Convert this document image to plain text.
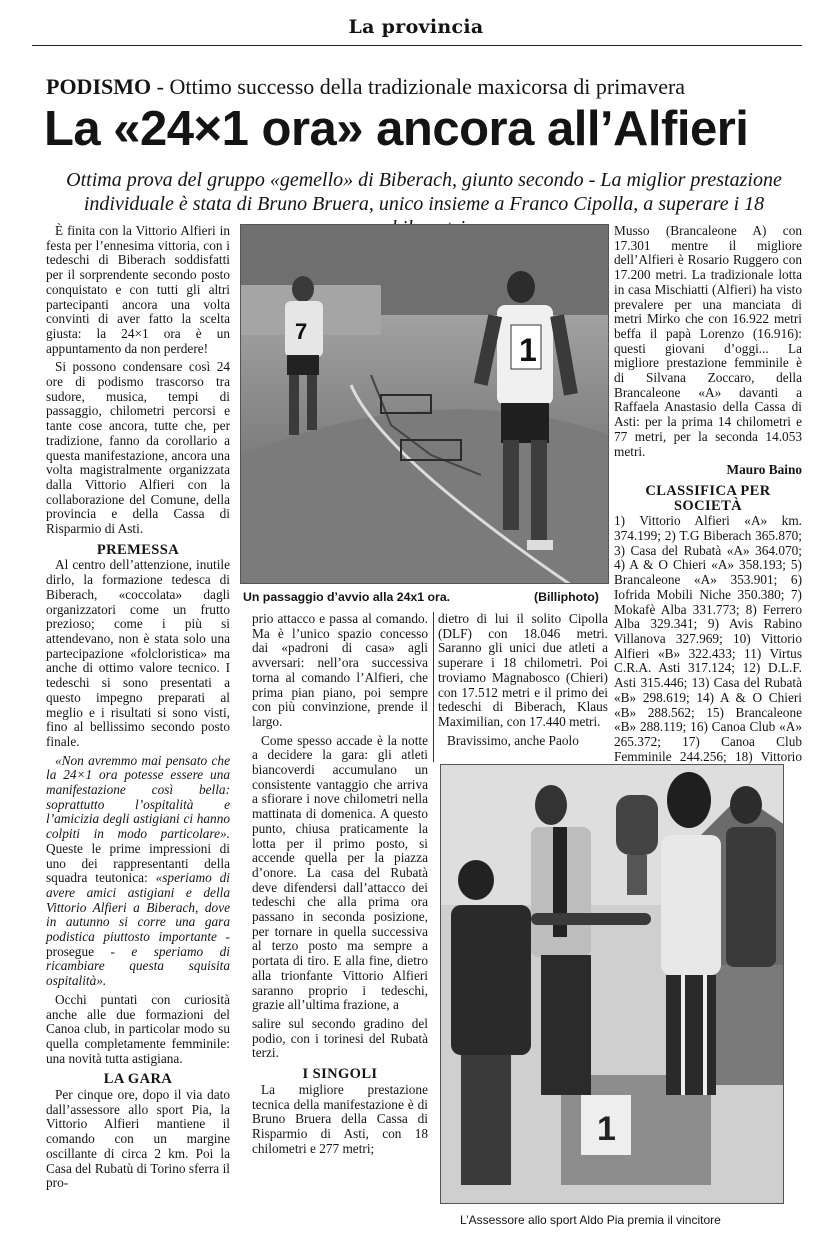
La provincia
PODISMO - Ottimo successo della tradizionale maxicorsa di primavera
La «24×1 ora» ancora all’Alfieri
Ottima prova del gruppo «gemello» di Biberach, giunto secondo - La miglior prestazione individuale è stata di Bruno Bruera, unico insieme a Franco Cipolla, a superare i 18

È finita con la Vittorio Alfieri in festa per l’ennesima vittoria, con i tedeschi di Biberach soddisfatti per il sorprendente secondo posto conquistato e con tutti gli altri partecipanti ancora una volta convinti di aver fatto la scelta giusta: la 24×1 ora è un appuntamento da non perdere!

Si possono condensare così 24 ore di podismo trascorso tra sudore, musica, tempi di passaggio, chilometri percorsi e tante cose ancora, tutte che, per tradizione, fanno da corollario a questa manifestazione, ancora una volta magistralmente organizzata dalla Vittorio Alfieri con la collaborazione del Comune, della provincia e della Cassa di Risparmio di Asti.

PREMESSA

Al centro dell’attenzione, inutile dirlo, la formazione tedesca di Biberach, «coccolata» dagli organizzatori come un frutto prezioso; come i più si attendevano, non è stata solo una partecipazione «folcloristica» ma anche di ottimo valore tecnico. I tedeschi si sono presentati a questo impegno preparati al meglio e i risultati si sono visti, fino al bellissimo secondo posto finale.

«Non avremmo mai pensato che la 24×1 ora potesse essere una manifestazione così bella: soprattutto l’ospitalità e l’amicizia degli astigiani ci hanno colpiti in modo particolare». Queste le prime impressioni di uno dei rappresentanti della squadra teutonica: «speriamo di avere amici astigiani e della Vittorio Alfieri a Biberach, dove in autunno si corre una gara podistica piuttosto importante - prosegue - e speriamo di ricambiare questa squisita ospitalità».

Occhi puntati con curiosità anche alle due formazioni del Canoa club, in particolar modo su quella completamente femminile: una novità tutta astigiana.

LA GARA

Per cinque ore, dopo il via dato dall’assessore allo sport Pia, la Vittorio Alfieri mantiene il comando con un margine oscillante di circa 2 km. Poi la Casa del Rubatù di Torino sferra il pro-

7
1
Un passaggio d’avvio alla 24x1 ora.	(Billiphoto)

prio attacco e passa al comando. Ma è l’unico spazio concesso dai «padroni di casa» agli avversari: nell’ora successiva torna al comando l’Alfieri, che prima pian piano, poi sempre con più convinzione, prende il largo.

Come spesso accade è la notte a decidere la gara: gli atleti biancoverdi accumulano un consistente vantaggio che arriva a sfiorare i nove chilometri nella mattinata di domenica. A questo punto, chiusa praticamente la lotta per il primo posto, si accende quella per la piazza d’onore. La casa del Rubatà deve difendersi dall’attacco dei tedeschi che alla prima ora passano in seconda posizione, per tornare in quella successiva al terzo posto ma sempre a portata di tiro. E alla fine, dietro alla trionfante Vittorio Alfieri saranno proprio i tedeschi, grazie all’ultima frazione, a

salire sul secondo gradino del podio, con i torinesi del Rubatà terzi.

I SINGOLI

La migliore prestazione tecnica della manifestazione è di Bruno Bruera della Cassa di Risparmio di Asti, con 18 chilometri e 277 metri;

dietro di lui il solito Cipolla (DLF) con 18.046 metri. Saranno gli unici due atleti a superare i 18 chilometri. Poi troviamo Magnabosco (Chieri) con 17.512 metri e il primo dei tedeschi di Biberach, Klaus Maximilian, con 17.440 metri.

Bravissimo, anche Paolo

Musso (Brancaleone A) con 17.301 mentre il migliore dell’Alfieri è Rosario Ruggero con 17.200 metri. La tradizionale lotta in casa Mischiatti (Alfieri) ha visto prevalere per una manciata di metri Mirko che con 16.922 metri beffa il papà Lorenzo (16.916): questi giovani d’oggi... La migliore prestazione femminile è di Silvana Zoccaro, della Brancaleone «A» davanti a Raffaela Anastasio della Cassa di Asti: per la prima 14 chilometri e 77 metri, per la seconda 14.053 metri.

Mauro Baino
CLASSIFICA PER SOCIETÀ

1) Vittorio Alfieri «A» km. 374.199; 2) T.G Biberach 365.870; 3) Casa del Rubatà «A» 364.070; 4) A & O Chieri «A» 358.193; 5) Brancaleone «A» 353.901; 6) Iofrida Mobili Niche 350.380; 7) Mokafè Alba 331.773; 8) Ferrero Alba 329.341; 9) Avis Rabino Villanova 327.969; 10) Vittorio Alfieri «B» 322.433; 11) Virtus C.R.A. Asti 317.124; 12) D.L.F. Asti 315.446; 13) Casa del Rubatà «B» 298.619; 14) A & O Chieri «B» 288.562; 15) Brancaleone «B» 288.119; 16) Canoa Club «A» 265.372; 17) Canoa Club Femminile 244.256; 18) Vittorio

1
L’Assessore allo sport Aldo Pia premia il vincitore
